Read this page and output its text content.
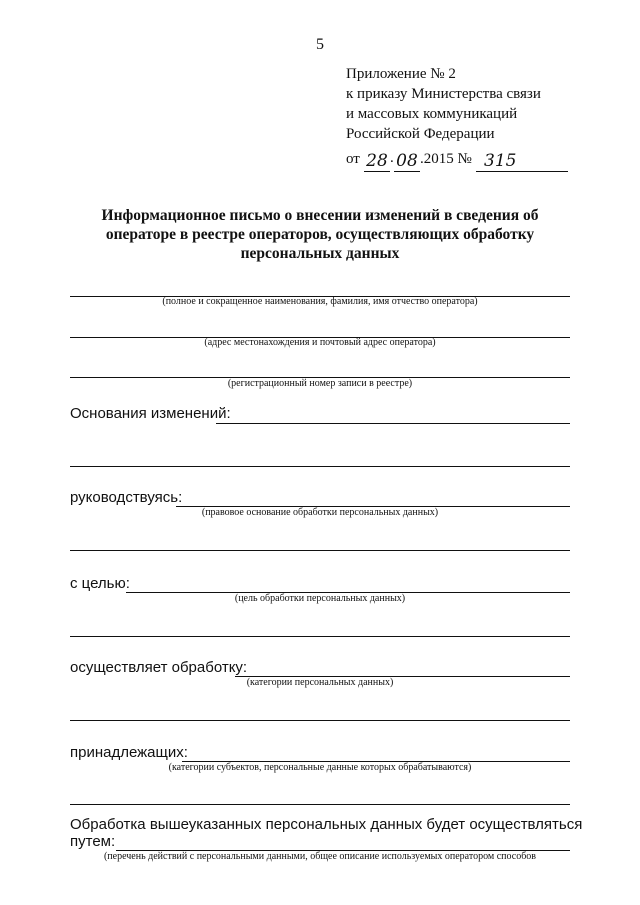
5
Приложение № 2
к приказу Министерства связи
и массовых коммуникаций
Российской Федерации
от 28 . 08 .2015 № 315
Информационное письмо о внесении изменений в сведения об
операторе в реестре операторов, осуществляющих обработку
персональных данных
(полное и сокращенное наименования, фамилия, имя отчество оператора)
(адрес местонахождения и почтовый адрес оператора)
(регистрационный номер записи в реестре)
Основания изменений:
руководствуясь:
(правовое основание обработки персональных данных)
с целью:
(цель обработки персональных данных)
осуществляет обработку:
(категории персональных данных)
принадлежащих:
(категории субъектов, персональные данные которых обрабатываются)
Обработка вышеуказанных персональных данных будет осуществляться
путем:
(перечень действий с персональными данными, общее описание используемых оператором способов
